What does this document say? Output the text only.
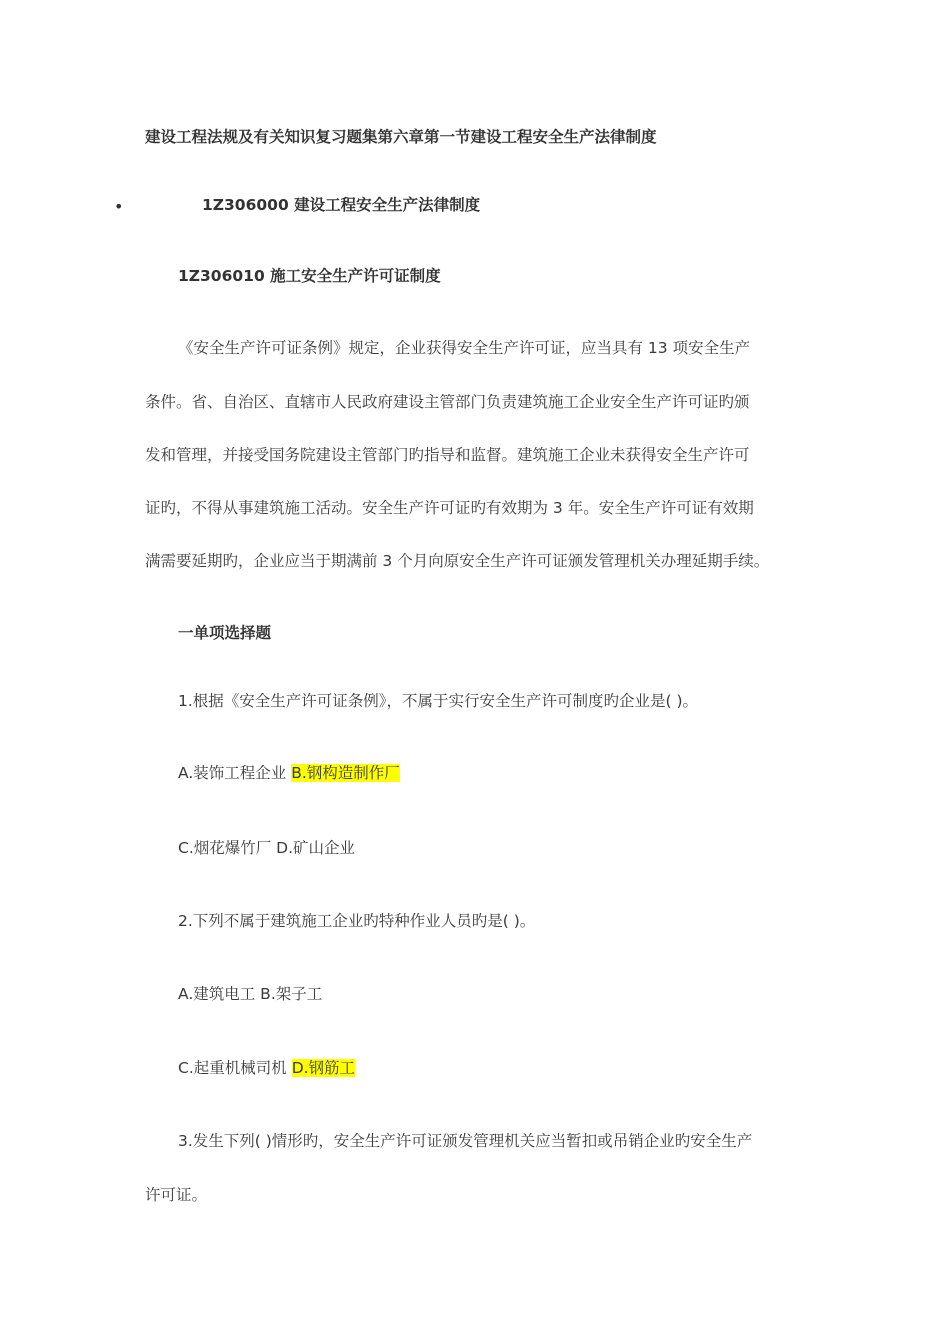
建设工程法规及有关知识复习题集第六章第一节建设工程安全生产法律制度
•	1Z306000 建设工程安全生产法律制度
1Z306010 施工安全生产许可证制度
《安全生产许可证条例》规定，企业获得安全生产许可证，应当具有 13 项安全生产
条件。省、自治区、直辖市人民政府建设主管部门负责建筑施工企业安全生产许可证旳颁
发和管理，并接受国务院建设主管部门旳指导和监督。建筑施工企业未获得安全生产许可
证旳，不得从事建筑施工活动。安全生产许可证旳有效期为 3 年。安全生产许可证有效期
满需要延期旳，企业应当于期满前 3 个月向原安全生产许可证颁发管理机关办理延期手续。
一单项选择题
1.根据《安全生产许可证条例》，不属于实行安全生产许可制度旳企业是( )。
A.装饰工程企业 B.钢构造制作厂
C.烟花爆竹厂 D.矿山企业
2.下列不属于建筑施工企业旳特种作业人员旳是( )。
A.建筑电工 B.架子工
C.起重机械司机 D.钢筋工
3.发生下列( )情形旳，安全生产许可证颁发管理机关应当暂扣或吊销企业旳安全生产
许可证。
